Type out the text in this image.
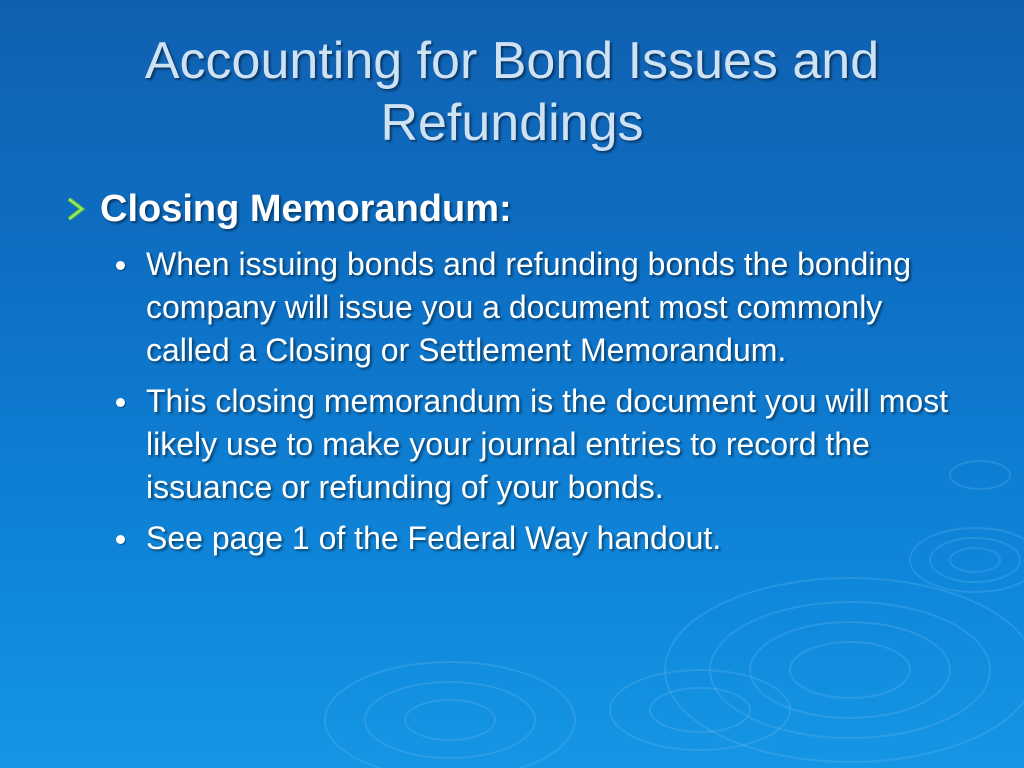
Accounting for Bond Issues and Refundings
Closing Memorandum:
When issuing bonds and refunding bonds the bonding company will issue you a document most commonly called a Closing or Settlement Memorandum.
This closing memorandum is the document you will most likely use to make your journal entries to record the issuance or refunding of your bonds.
See page 1 of the Federal Way handout.
